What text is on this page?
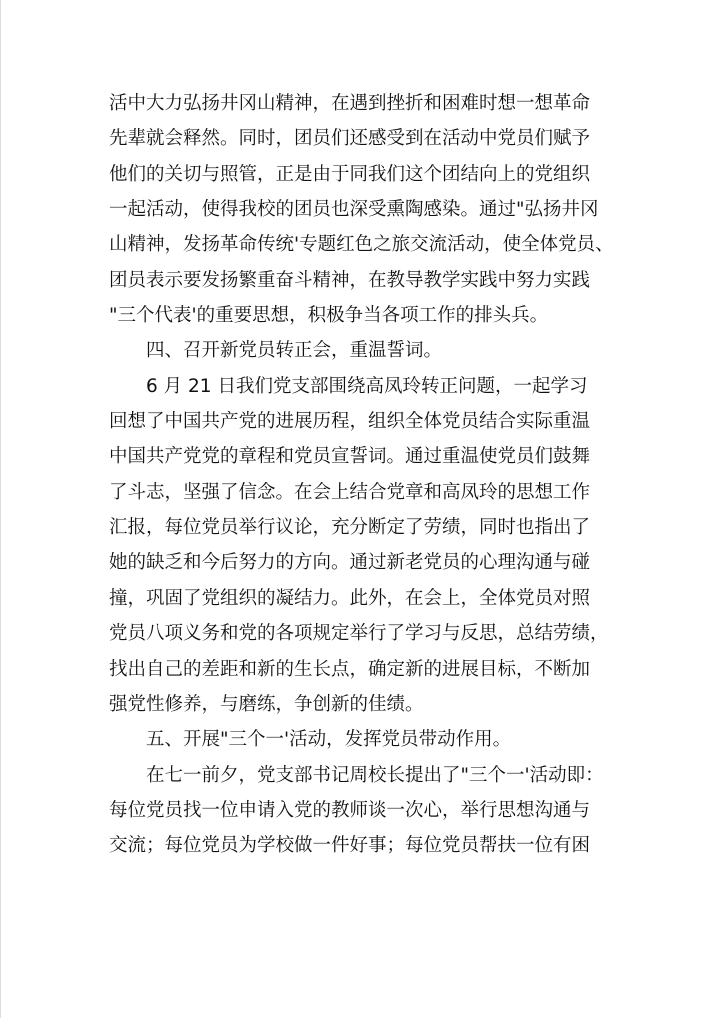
活中大力弘扬井冈山精神，在遇到挫折和困难时想一想革命
先辈就会释然。同时，团员们还感受到在活动中党员们赋予
他们的关切与照管，正是由于同我们这个团结向上的党组织
一起活动，使得我校的团员也深受熏陶感染。通过"弘扬井冈
山精神，发扬革命传统'专题红色之旅交流活动，使全体党员、
团员表示要发扬繁重奋斗精神，在教导教学实践中努力实践
"三个代表'的重要思想，积极争当各项工作的排头兵。
四、召开新党员转正会，重温誓词。
6 月 21 日我们党支部围绕高凤玲转正问题，一起学习
回想了中国共产党的进展历程，组织全体党员结合实际重温
中国共产党党的章程和党员宣誓词。通过重温使党员们鼓舞
了斗志，坚强了信念。在会上结合党章和高凤玲的思想工作
汇报，每位党员举行议论，充分断定了劳绩，同时也指出了
她的缺乏和今后努力的方向。通过新老党员的心理沟通与碰
撞，巩固了党组织的凝结力。此外，在会上，全体党员对照
党员八项义务和党的各项规定举行了学习与反思，总结劳绩，
找出自己的差距和新的生长点，确定新的进展目标，不断加
强党性修养，与磨练，争创新的佳绩。
五、开展"三个一'活动，发挥党员带动作用。
在七一前夕，党支部书记周校长提出了"三个一'活动即：
每位党员找一位申请入党的教师谈一次心，举行思想沟通与
交流；每位党员为学校做一件好事；每位党员帮扶一位有困
